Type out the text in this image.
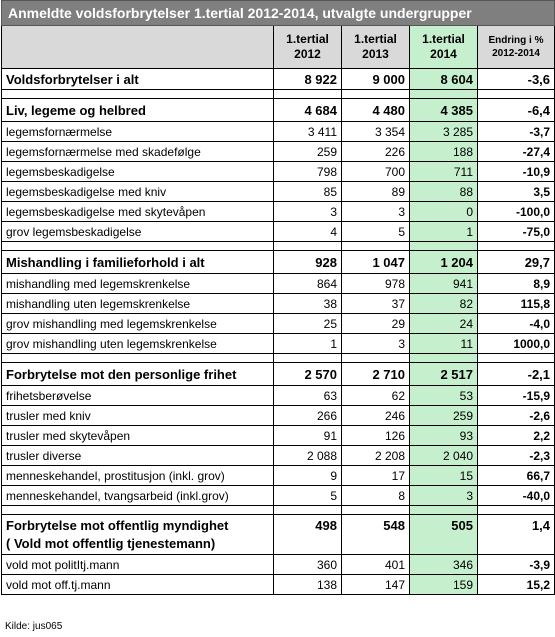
Anmeldte voldsforbrytelser 1.tertial 2012-2014, utvalgte undergrupper				
	1.tertial
2012	1.tertial
2013	1.tertial
2014	Endring i %
2012-2014
Voldsforbrytelser i alt	8 922	9 000	8 604	-3,6

Liv, legeme og helbred	4 684	4 480	4 385	-6,4
legemsfornærmelse	3 411	3 354	3 285	-3,7
legemsfornærmelse med skadefølge	259	226	188	-27,4
legemsbeskadigelse	798	700	711	-10,9
legemsbeskadigelse med kniv	85	89	88	3,5
legemsbeskadigelse med skytevåpen	3	3	0	-100,0
grov legemsbeskadigelse	4	5	1	-75,0

Mishandling i familieforhold i alt	928	1 047	1 204	29,7
mishandling med legemskrenkelse	864	978	941	8,9
mishandling uten legemskrenkelse	38	37	82	115,8
grov mishandling med legemskrenkelse	25	29	24	-4,0
grov mishandling uten legemskrenkelse	1	3	11	1000,0

Forbrytelse mot den personlige frihet	2 570	2 710	2 517	-2,1
frihetsberøvelse	63	62	53	-15,9
trusler med kniv	266	246	259	-2,6
trusler med skytevåpen	91	126	93	2,2
trusler diverse	2 088	2 208	2 040	-2,3
menneskehandel, prostitusjon (inkl. grov)	9	17	15	66,7
menneskehandel, tvangsarbeid (inkl.grov)	5	8	3	-40,0

Forbrytelse mot offentlig myndighet
( Vold mot offentlig tjenestemann)	498	548	505	1,4
vold mot politItj.mann	360	401	346	-3,9
vold mot off.tj.mann	138	147	159	15,2
Kilde: jus065
